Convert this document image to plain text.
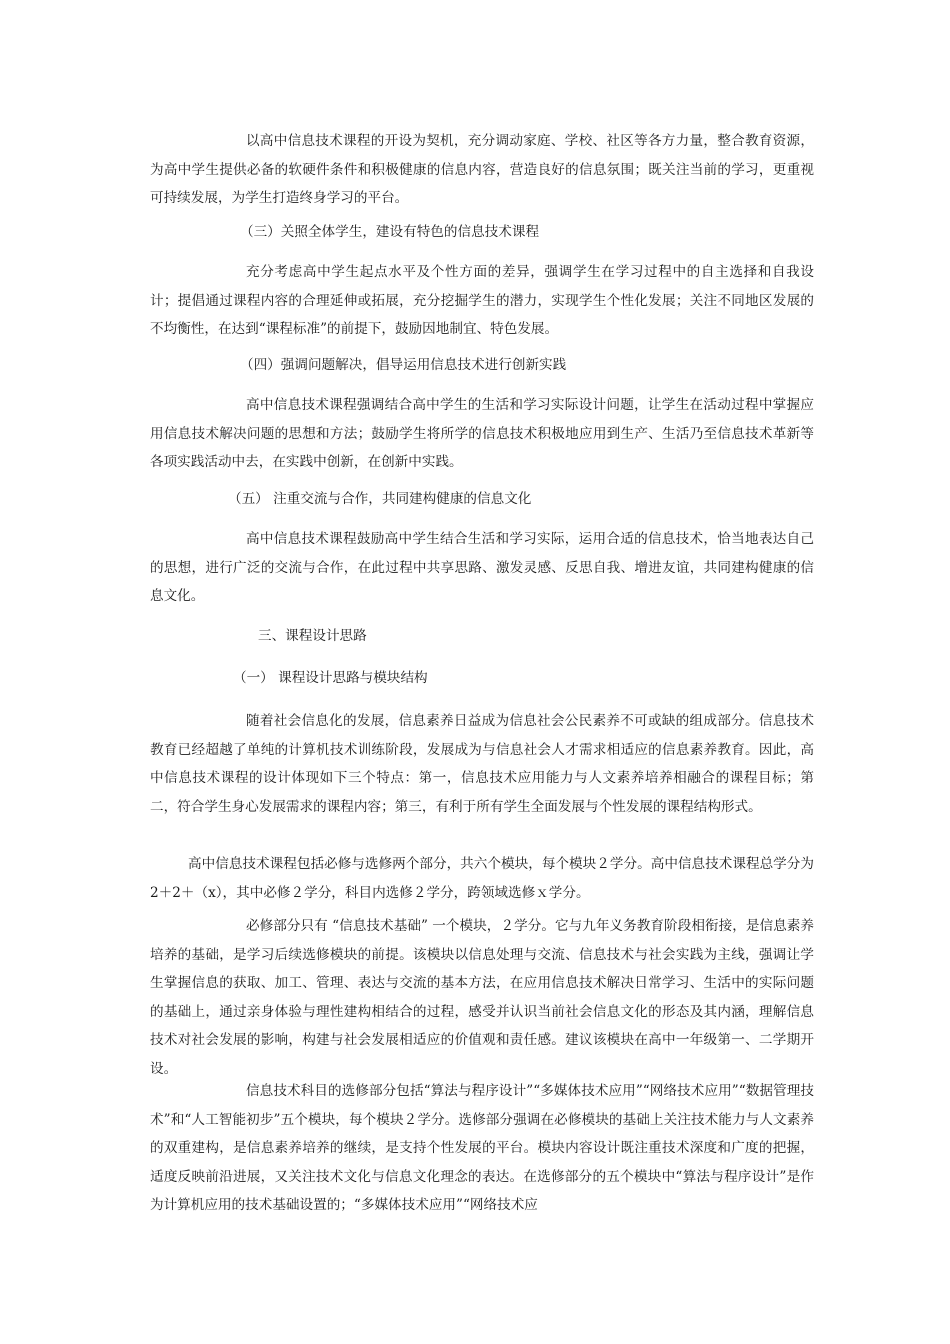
以高中信息技术课程的开设为契机，充分调动家庭、学校、社区等各方力量，整合教育资源，为高中学生提供必备的软硬件条件和积极健康的信息内容，营造良好的信息氛围；既关注当前的学习，更重视可持续发展，为学生打造终身学习的平台。

（三）关照全体学生，建设有特色的信息技术课程

充分考虑高中学生起点水平及个性方面的差异，强调学生在学习过程中的自主选择和自我设计；提倡通过课程内容的合理延伸或拓展，充分挖掘学生的潜力，实现学生个性化发展；关注不同地区发展的不均衡性，在达到“课程标准”的前提下，鼓励因地制宜、特色发展。

（四）强调问题解决，倡导运用信息技术进行创新实践

高中信息技术课程强调结合高中学生的生活和学习实际设计问题，让学生在活动过程中掌握应用信息技术解决问题的思想和方法；鼓励学生将所学的信息技术积极地应用到生产、生活乃至信息技术革新等各项实践活动中去，在实践中创新，在创新中实践。

（五） 注重交流与合作，共同建构健康的信息文化

高中信息技术课程鼓励高中学生结合生活和学习实际，运用合适的信息技术，恰当地表达自己的思想，进行广泛的交流与合作，在此过程中共享思路、激发灵感、反思自我、增进友谊，共同建构健康的信息文化。

三、课程设计思路

（一） 课程设计思路与模块结构

随着社会信息化的发展，信息素养日益成为信息社会公民素养不可或缺的组成部分。信息技术教育已经超越了单纯的计算机技术训练阶段，发展成为与信息社会人才需求相适应的信息素养教育。因此，高中信息技术课程的设计体现如下三个特点：第一，信息技术应用能力与人文素养培养相融合的课程目标；第二，符合学生身心发展需求的课程内容；第三，有利于所有学生全面发展与个性发展的课程结构形式。

高中信息技术课程包括必修与选修两个部分，共六个模块，每个模块２学分。高中信息技术课程总学分为 2＋2＋（x），其中必修２学分，科目内选修２学分，跨领域选修ｘ学分。

必修部分只有 “信息技术基础” 一个模块，２学分。它与九年义务教育阶段相衔接，是信息素养培养的基础，是学习后续选修模块的前提。该模块以信息处理与交流、信息技术与社会实践为主线，强调让学生掌握信息的获取、加工、管理、表达与交流的基本方法，在应用信息技术解决日常学习、生活中的实际问题的基础上，通过亲身体验与理性建构相结合的过程，感受并认识当前社会信息文化的形态及其内涵，理解信息技术对社会发展的影响，构建与社会发展相适应的价值观和责任感。建议该模块在高中一年级第一、二学期开设。

信息技术科目的选修部分包括“算法与程序设计”“多媒体技术应用”“网络技术应用”“数据管理技术”和“人工智能初步”五个模块，每个模块２学分。选修部分强调在必修模块的基础上关注技术能力与人文素养的双重建构，是信息素养培养的继续，是支持个性发展的平台。模块内容设计既注重技术深度和广度的把握，适度反映前沿进展，又关注技术文化与信息文化理念的表达。在选修部分的五个模块中“算法与程序设计”是作为计算机应用的技术基础设置的；“多媒体技术应用”“网络技术应
